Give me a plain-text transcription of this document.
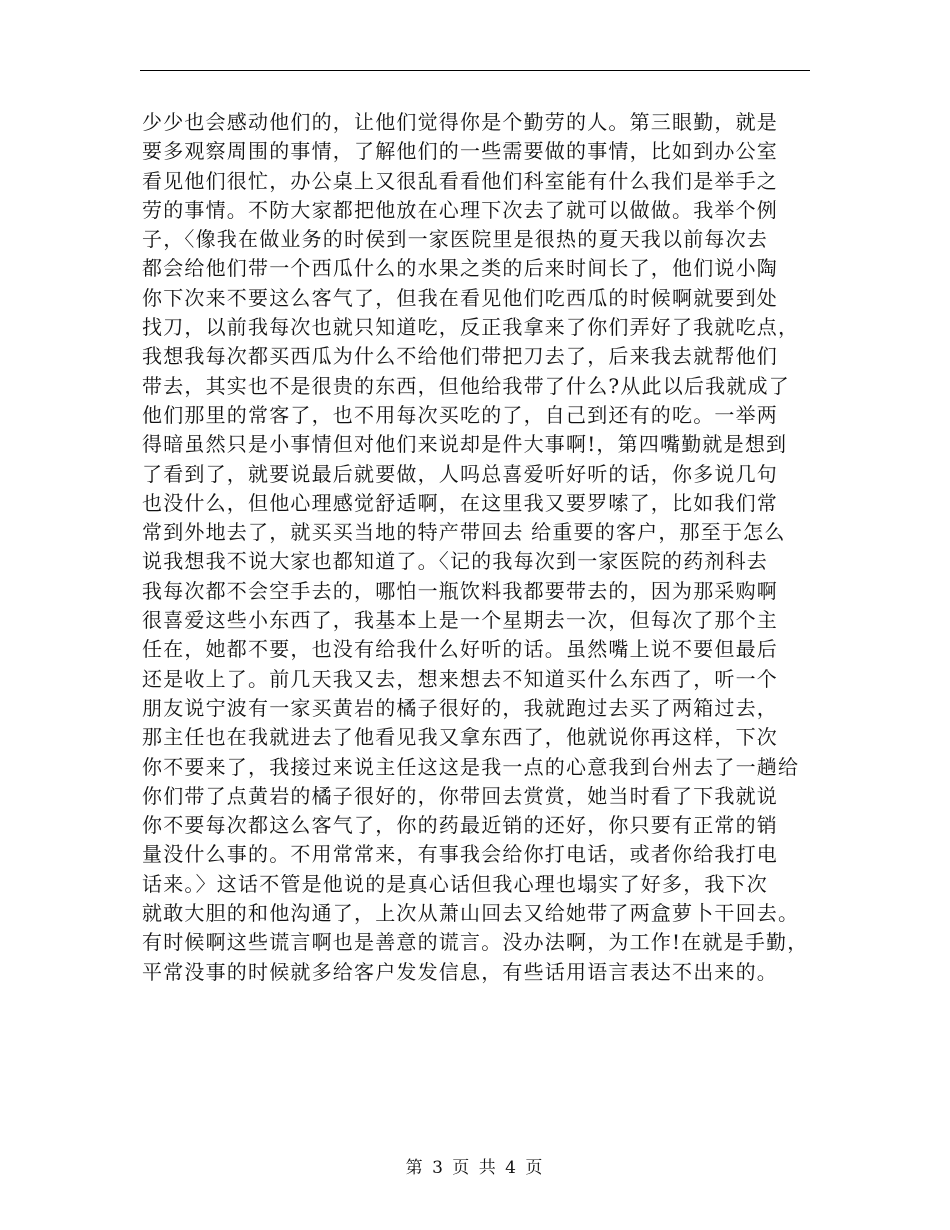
少少也会感动他们的，让他们觉得你是个勤劳的人。第三眼勤，就是
要多观察周围的事情，了解他们的一些需要做的事情，比如到办公室
看见他们很忙，办公桌上又很乱看看他们科室能有什么我们是举手之
劳的事情。不防大家都把他放在心理下次去了就可以做做。我举个例
子，〈像我在做业务的时侯到一家医院里是很热的夏天我以前每次去
都会给他们带一个西瓜什么的水果之类的后来时间长了，他们说小陶
你下次来不要这么客气了，但我在看见他们吃西瓜的时候啊就要到处
找刀，以前我每次也就只知道吃，反正我拿来了你们弄好了我就吃点，
我想我每次都买西瓜为什么不给他们带把刀去了，后来我去就帮他们
带去，其实也不是很贵的东西，但他给我带了什么?从此以后我就成了
他们那里的常客了，也不用每次买吃的了，自己到还有的吃。一举两
得暗虽然只是小事情但对他们来说却是件大事啊!，第四嘴勤就是想到
了看到了，就要说最后就要做，人吗总喜爱听好听的话，你多说几句
也没什么，但他心理感觉舒适啊，在这里我又要罗嗦了，比如我们常
常到外地去了，就买买当地的特产带回去 给重要的客户，那至于怎么
说我想我不说大家也都知道了。〈记的我每次到一家医院的药剂科去
我每次都不会空手去的，哪怕一瓶饮料我都要带去的，因为那采购啊
很喜爱这些小东西了，我基本上是一个星期去一次，但每次了那个主
任在，她都不要，也没有给我什么好听的话。虽然嘴上说不要但最后
还是收上了。前几天我又去，想来想去不知道买什么东西了，听一个
朋友说宁波有一家买黄岩的橘子很好的，我就跑过去买了两箱过去，
那主任也在我就进去了他看见我又拿东西了，他就说你再这样，下次
你不要来了，我接过来说主任这这是我一点的心意我到台州去了一趟给
你们带了点黄岩的橘子很好的，你带回去赏赏，她当时看了下我就说
你不要每次都这么客气了，你的药最近销的还好，你只要有正常的销
量没什么事的。不用常常来，有事我会给你打电话，或者你给我打电
话来。〉这话不管是他说的是真心话但我心理也塌实了好多，我下次
就敢大胆的和他沟通了，上次从萧山回去又给她带了两盒萝卜干回去。
有时候啊这些谎言啊也是善意的谎言。没办法啊，为工作!在就是手勤，
平常没事的时候就多给客户发发信息，有些话用语言表达不出来的。
第 3 页 共 4 页
